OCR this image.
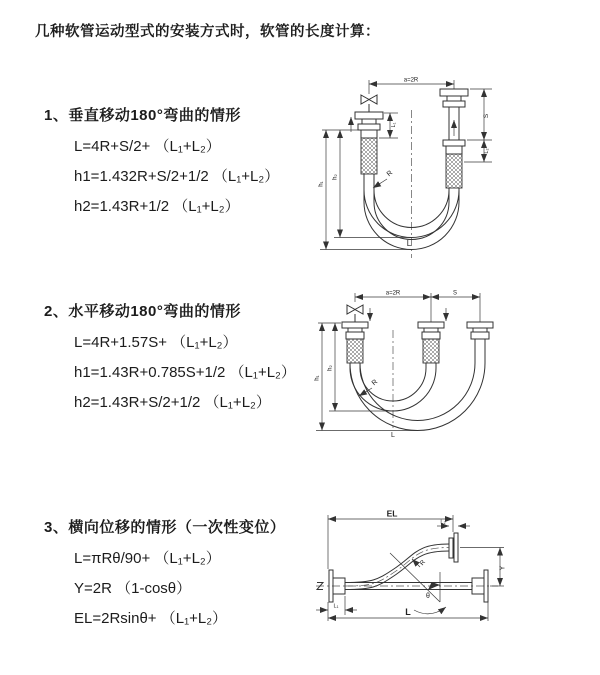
几种软管运动型式的安装方式时，软管的长度计算：
1、垂直移动180°弯曲的情形
L=4R+S/2+ （L₁+L₂）
h1=1.432R+S/2+1/2 （L₁+L₂）
h2=1.43R+1/2 （L₁+L₂）
2、水平移动180°弯曲的情形
L=4R+1.57S+ （L₁+L₂）
h1=1.43R+0.785S+1/2 （L₁+L₂）
h2=1.43R+S/2+1/2 （L₁+L₂）
3、横向位移的情形（一次性变位）
L=πRθ/90+ （L₁+L₂）
Y=2R （1-cosθ）
EL=2Rsinθ+ （L₁+L₂）
a=2R
L₁
S
L₂
h₂
h₁
R
L
a=2R	S
h₂
h₁
R
L
EL
L₂
Y
L
L₁
R
θ
